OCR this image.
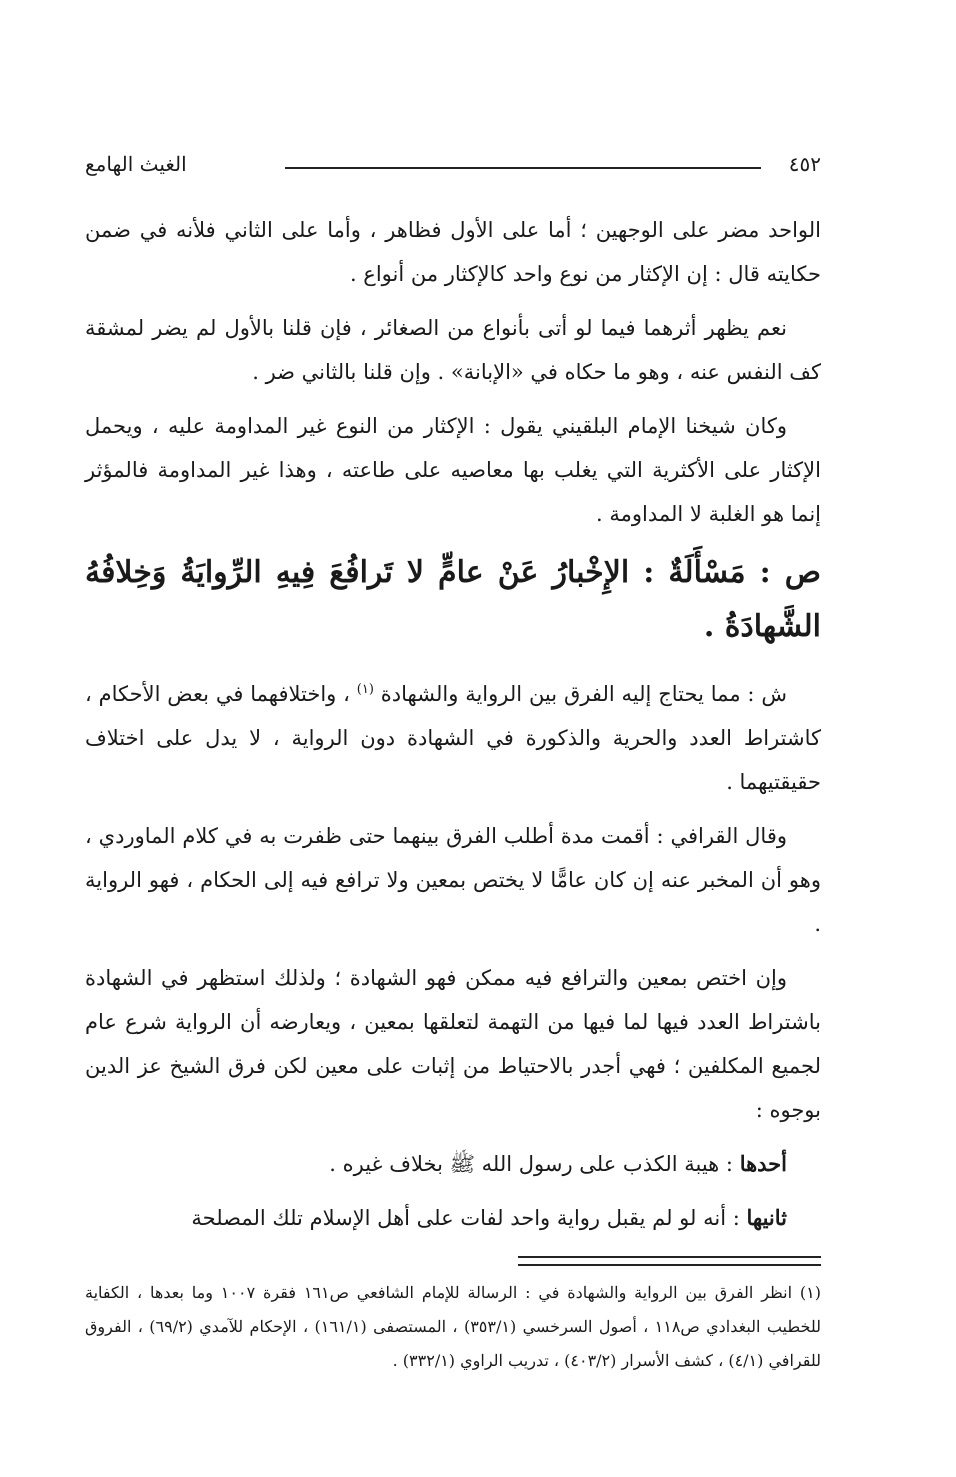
٤٥٢
الغيث الهامع

الواحد مضر على الوجهين ؛ أما على الأول فظاهر ، وأما على الثاني فلأنه في ضمن حكايته قال : إن الإكثار من نوع واحد كالإكثار من أنواع .

نعم يظهر أثرهما فيما لو أتى بأنواع من الصغائر ، فإن قلنا بالأول لم يضر لمشقة كف النفس عنه ، وهو ما حكاه في «الإبانة» . وإن قلنا بالثاني ضر .

وكان شيخنا الإمام البلقيني يقول : الإكثار من النوع غير المداومة عليه ، ويحمل الإكثار على الأكثرية التي يغلب بها معاصيه على طاعته ، وهذا غير المداومة فالمؤثر إنما هو الغلبة لا المداومة .

ص : مَسْأَلَةٌ : الإِخْبارُ عَنْ عامٍّ لا تَرافُعَ فِيهِ الرِّوايَةُ وَخِلافُهُ الشَّهادَةُ .

ش : مما يحتاج إليه الفرق بين الرواية والشهادة $^{(١)}$ ، واختلافهما في بعض الأحكام ، كاشتراط العدد والحرية والذكورة في الشهادة دون الرواية ، لا يدل على اختلاف حقيقتيهما .

وقال القرافي : أقمت مدة أطلب الفرق بينهما حتى ظفرت به في كلام الماوردي ، وهو أن المخبر عنه إن كان عامًّا لا يختص بمعين ولا ترافع فيه إلى الحكام ، فهو الرواية .

وإن اختص بمعين والترافع فيه ممكن فهو الشهادة ؛ ولذلك استظهر في الشهادة باشتراط العدد فيها لما فيها من التهمة لتعلقها بمعين ، ويعارضه أن الرواية شرع عام لجميع المكلفين ؛ فهي أجدر بالاحتياط من إثبات على معين لكن فرق الشيخ عز الدين بوجوه :

أحدها : هيبة الكذب على رسول الله ﷺ بخلاف غيره .

ثانيها : أنه لو لم يقبل رواية واحد لفات على أهل الإسلام تلك المصلحة

(١) انظر الفرق بين الرواية والشهادة في : الرسالة للإمام الشافعي ص١٦١ فقرة ١٠٠٧ وما بعدها ، الكفاية للخطيب البغدادي ص١١٨ ، أصول السرخسي (٣٥٣/١) ، المستصفى (١٦١/١) ، الإحكام للآمدي (٦٩/٢) ، الفروق للقرافي (٤/١) ، كشف الأسرار (٤٠٣/٢) ، تدريب الراوي (٣٣٢/١) .
